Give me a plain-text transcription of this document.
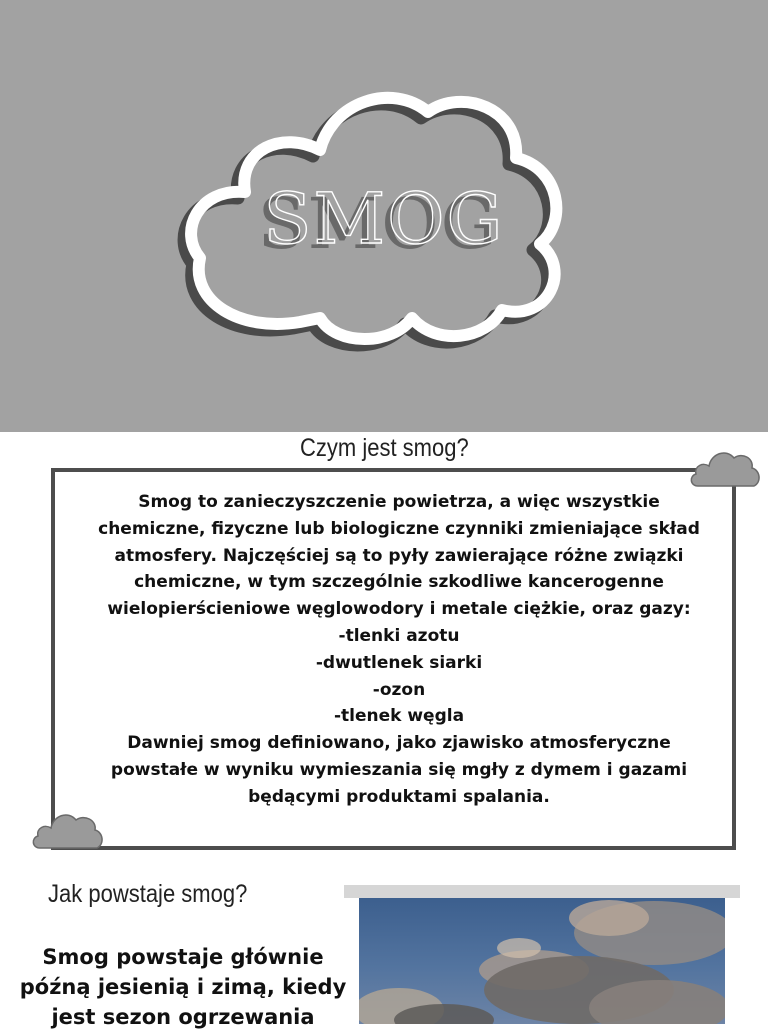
SMOG
Czym jest smog?
Smog to zanieczyszczenie powietrza, a więc wszystkie
chemiczne, fizyczne lub biologiczne czynniki zmieniające skład
atmosfery. Najczęściej są to pyły zawierające różne związki
chemiczne, w tym szczególnie szkodliwe kancerogenne
wielopierścieniowe węglowodory i metale ciężkie, oraz gazy:
-tlenki azotu
-dwutlenek siarki
-ozon
-tlenek węgla
Dawniej smog definiowano, jako zjawisko atmosferyczne
powstałe w wyniku wymieszania się mgły z dymem i gazami
będącymi produktami spalania.
Jak powstaje smog?
Smog powstaje głównie
późną jesienią i zimą, kiedy
jest sezon ogrzewania
